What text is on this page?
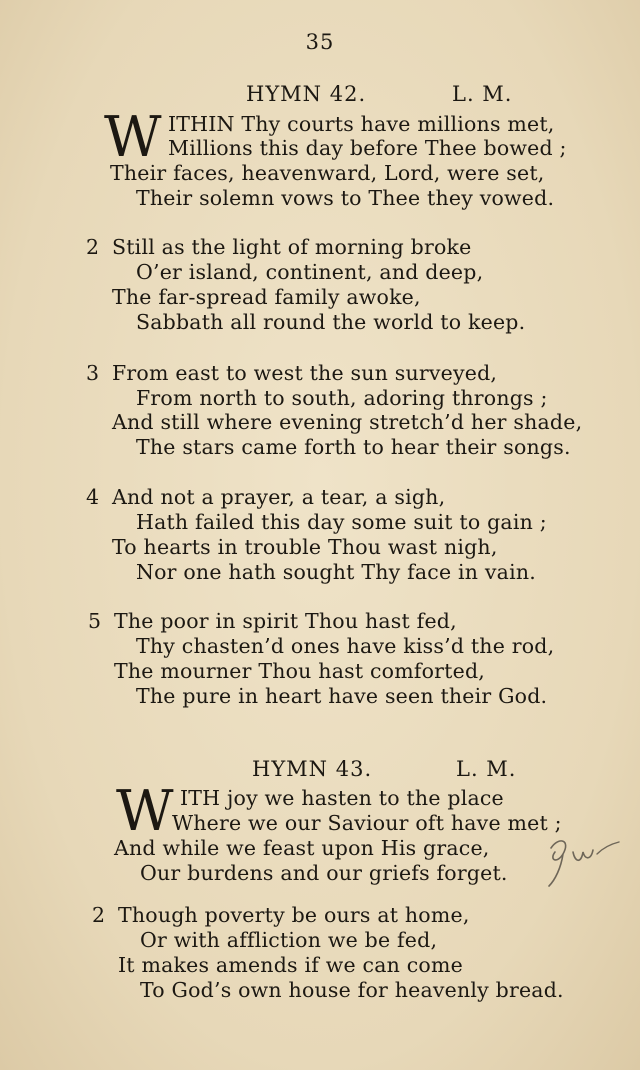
35
HYMN 42.	L. M.
W ITHIN Thy courts have millions met,
Millions this day before Thee bowed ;
Their faces, heavenward, Lord, were set,
Their solemn vows to Thee they vowed.
2 Still as the light of morning broke
O’er island, continent, and deep,
The far-spread family awoke,
Sabbath all round the world to keep.
3 From east to west the sun surveyed,
From north to south, adoring throngs ;
And still where evening stretch’d her shade,
The stars came forth to hear their songs.
4 And not a prayer, a tear, a sigh,
Hath failed this day some suit to gain ;
To hearts in trouble Thou wast nigh,
Nor one hath sought Thy face in vain.
5 The poor in spirit Thou hast fed,
Thy chasten’d ones have kiss’d the rod,
The mourner Thou hast comforted,
The pure in heart have seen their God.
HYMN 43.	L. M.
W ITH joy we hasten to the place
Where we our Saviour oft have met ;
And while we feast upon His grace,
Our burdens and our griefs forget.
2 Though poverty be ours at home,
Or with affliction we be fed,
It makes amends if we can come
To God’s own house for heavenly bread.
